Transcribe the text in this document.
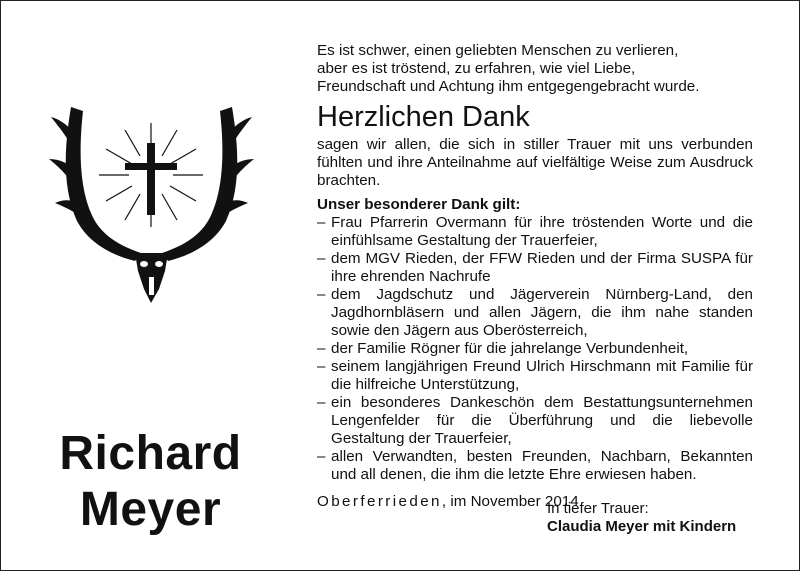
Richard
Meyer

Es ist schwer, einen geliebten Menschen zu verlieren,

aber es ist tröstend, zu erfahren, wie viel Liebe,

Freundschaft und Achtung ihm entgegengebracht wurde.

Herzlichen Dank

sagen wir allen, die sich in stiller Trauer mit uns verbunden fühlten und ihre Anteilnahme auf vielfältige Weise zum Ausdruck brachten.

Unser besonderer Dank gilt:
– Frau Pfarrerin Overmann für ihre tröstenden Worte und die einfühlsame Gestaltung der Trauerfeier,
– dem MGV Rieden, der FFW Rieden und der Firma SUSPA für ihre ehrenden Nachrufe
– dem Jagdschutz und Jägerverein Nürnberg-Land, den Jagdhornbläsern und allen Jägern, die ihm nahe standen sowie den Jägern aus Oberösterreich,
– der Familie Rögner für die jahrelange Verbundenheit,
– seinem langjährigen Freund Ulrich Hirschmann mit Familie für die hilfreiche Unterstützung,
– ein besonderes Dankeschön dem Bestattungsunternehmen Lengenfelder für die Überführung und die liebevolle Gestaltung der Trauerfeier,
– allen Verwandten, besten Freunden, Nachbarn, Bekannten und all denen, die ihm die letzte Ehre erwiesen haben.
Oberferrieden, im November 2014
In tiefer Trauer:
Claudia Meyer mit Kindern
